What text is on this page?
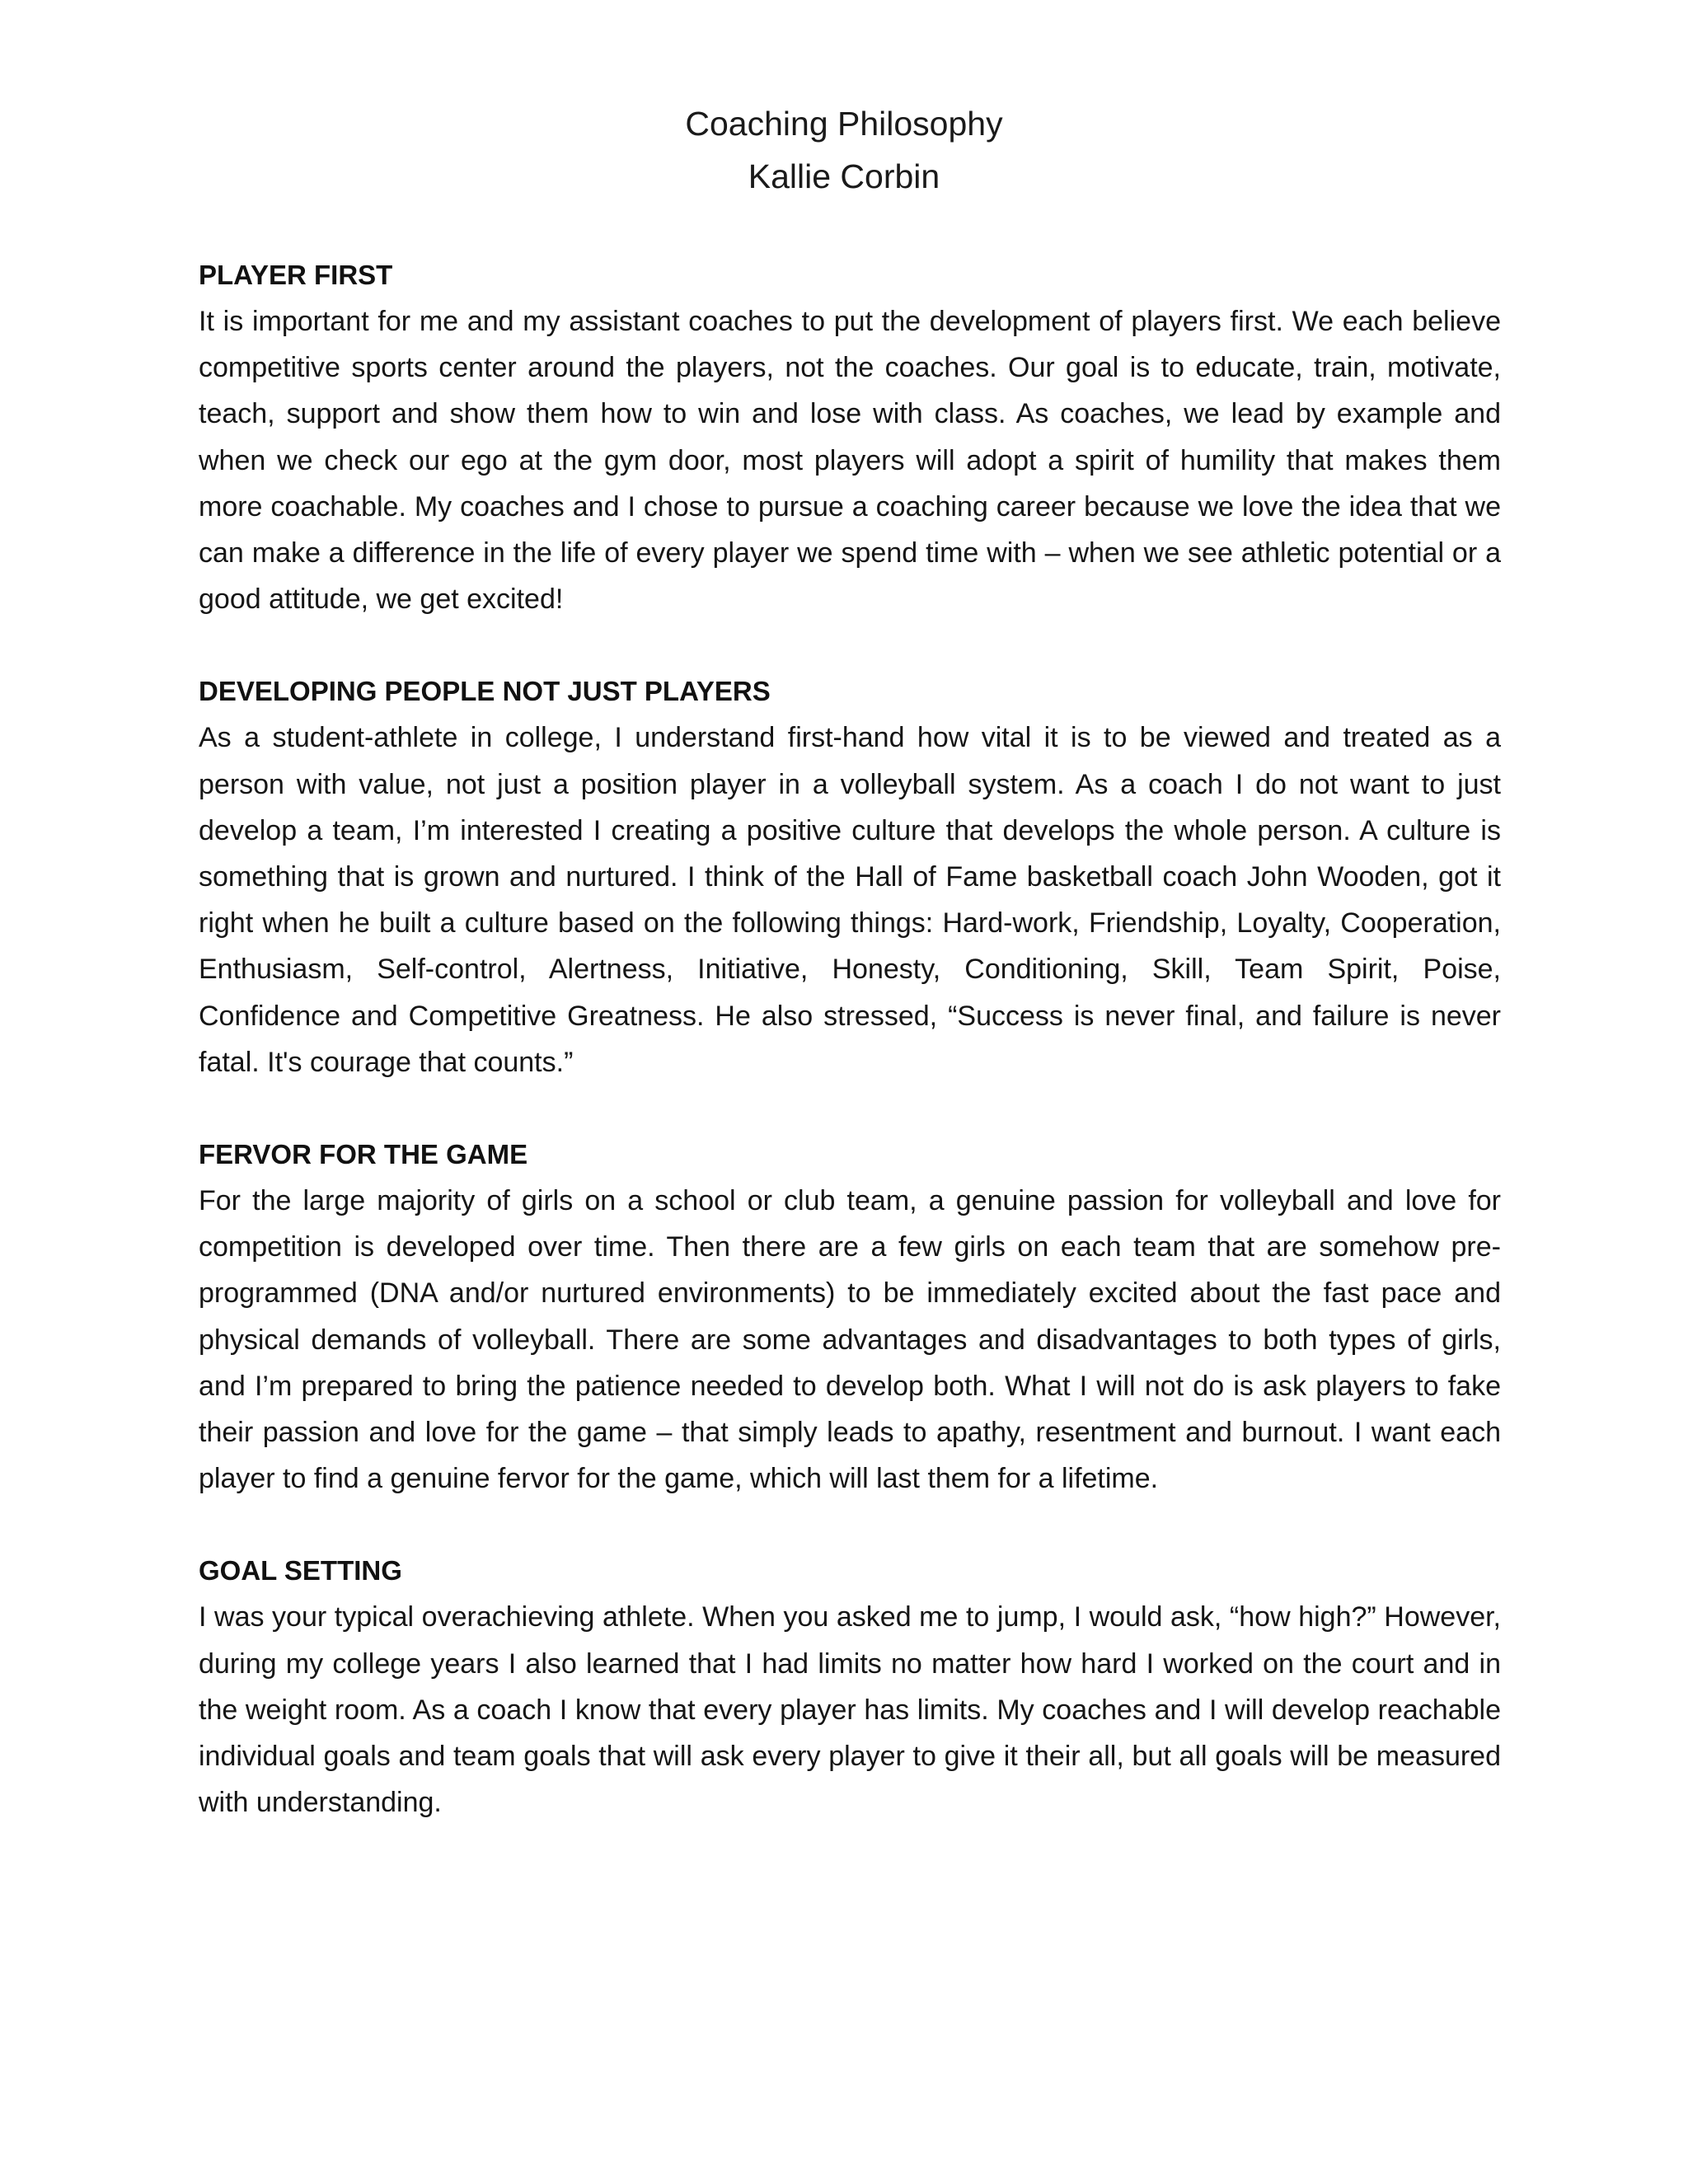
Coaching Philosophy
Kallie Corbin
PLAYER FIRST
It is important for me and my assistant coaches to put the development of players first. We each believe competitive sports center around the players, not the coaches. Our goal is to educate, train, motivate, teach, support and show them how to win and lose with class. As coaches, we lead by example and when we check our ego at the gym door, most players will adopt a spirit of humility that makes them more coachable. My coaches and I chose to pursue a coaching career because we love the idea that we can make a difference in the life of every player we spend time with – when we see athletic potential or a good attitude, we get excited!
DEVELOPING PEOPLE NOT JUST PLAYERS
As a student-athlete in college, I understand first-hand how vital it is to be viewed and treated as a person with value, not just a position player in a volleyball system. As a coach I do not want to just develop a team, I’m interested I creating a positive culture that develops the whole person. A culture is something that is grown and nurtured. I think of the Hall of Fame basketball coach John Wooden, got it right when he built a culture based on the following things: Hard-work, Friendship, Loyalty, Cooperation, Enthusiasm, Self-control, Alertness, Initiative, Honesty, Conditioning, Skill, Team Spirit, Poise, Confidence and Competitive Greatness. He also stressed, “Success is never final, and failure is never fatal. It's courage that counts.”
FERVOR FOR THE GAME
For the large majority of girls on a school or club team, a genuine passion for volleyball and love for competition is developed over time. Then there are a few girls on each team that are somehow pre-programmed (DNA and/or nurtured environments) to be immediately excited about the fast pace and physical demands of volleyball. There are some advantages and disadvantages to both types of girls, and I’m prepared to bring the patience needed to develop both. What I will not do is ask players to fake their passion and love for the game – that simply leads to apathy, resentment and burnout. I want each player to find a genuine fervor for the game, which will last them for a lifetime.
GOAL SETTING
I was your typical overachieving athlete. When you asked me to jump, I would ask, “how high?” However, during my college years I also learned that I had limits no matter how hard I worked on the court and in the weight room. As a coach I know that every player has limits. My coaches and I will develop reachable individual goals and team goals that will ask every player to give it their all, but all goals will be measured with understanding.
